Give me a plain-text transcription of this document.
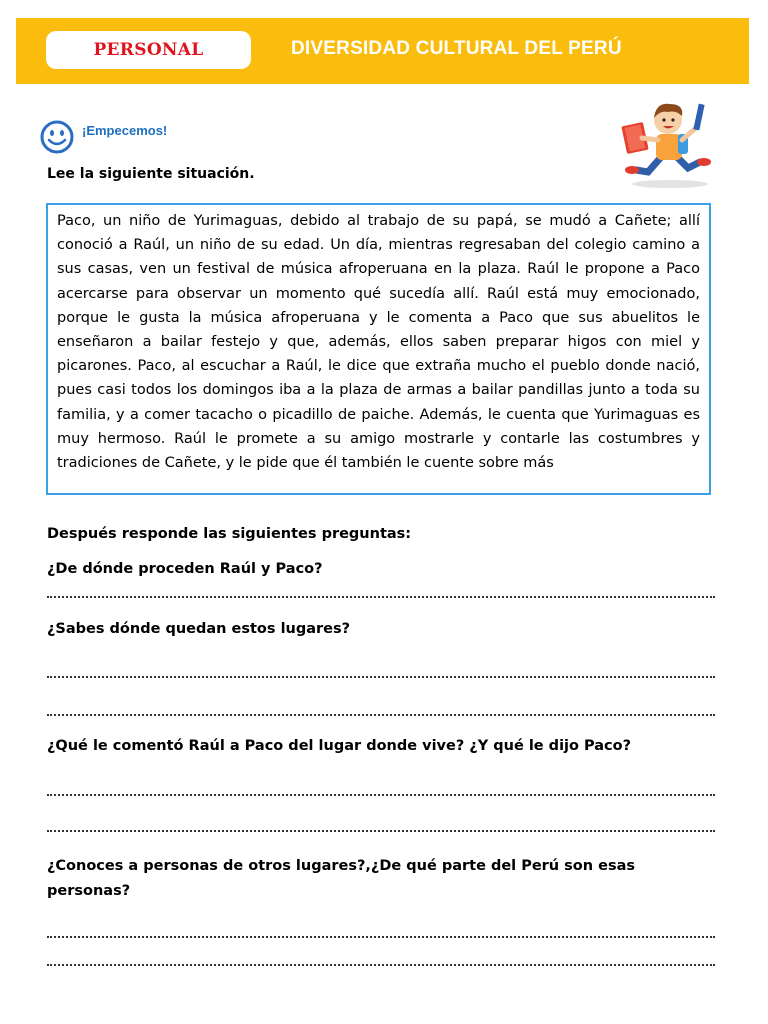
PERSONAL	DIVERSIDAD CULTURAL DEL PERÚ
¡Empecemos!
Lee la siguiente situación.

Paco, un niño de Yurimaguas, debido al trabajo de su papá, se mudó a Cañete; allí conoció a Raúl, un niño de su edad. Un día, mientras regresaban del colegio camino a sus casas, ven un festival de música afroperuana en la plaza. Raúl le propone a Paco acercarse para observar un momento qué sucedía allí. Raúl está muy emocionado, porque le gusta la música afroperuana y le comenta a Paco que sus abuelitos le enseñaron a bailar festejo y que, además, ellos saben preparar higos con miel y picarones. Paco, al escuchar a Raúl, le dice que extraña mucho el pueblo donde nació, pues casi todos los domingos iba a la plaza de armas a bailar pandillas junto a toda su familia, y a comer tacacho o picadillo de paiche. Además, le cuenta que Yurimaguas es muy hermoso. Raúl le promete a su amigo mostrarle y contarle las costumbres y tradiciones de Cañete, y le pide que él también le cuente sobre más

Después responde las siguientes preguntas:

¿De dónde proceden Raúl y Paco?

¿Sabes dónde quedan estos lugares?

¿Qué le comentó Raúl a Paco del lugar donde vive? ¿Y qué le dijo Paco?

¿Conoces a personas de otros lugares?,¿De qué parte del Perú son esas personas?
